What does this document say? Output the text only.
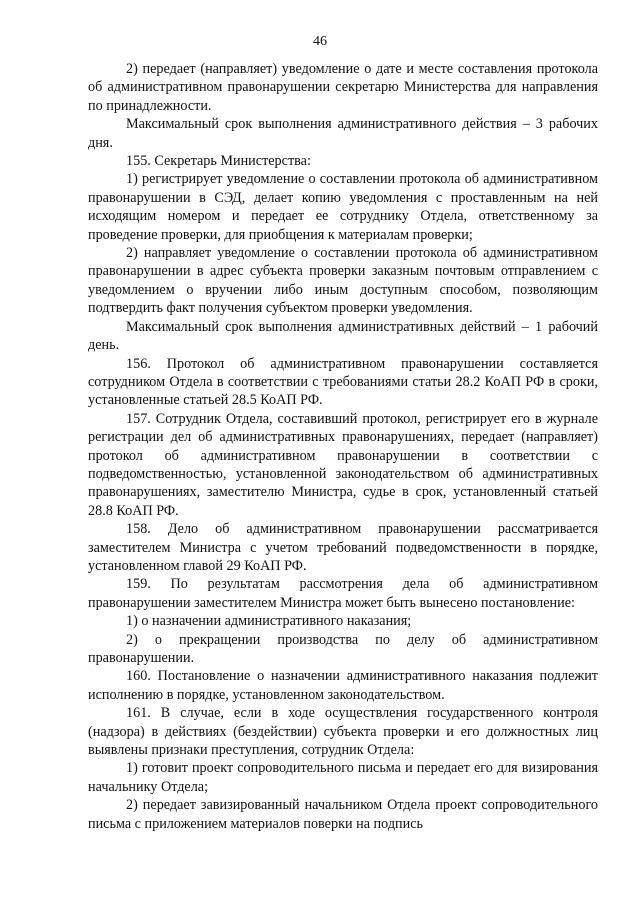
46

2) передает (направляет) уведомление о дате и месте составления протокола об административном правонарушении секретарю Министерства для направления по принадлежности.

Максимальный срок выполнения административного действия – 3 рабочих дня.

155. Секретарь Министерства:

1) регистрирует уведомление о составлении протокола об административном правонарушении в СЭД, делает копию уведомления с проставленным на ней исходящим номером и передает ее сотруднику Отдела, ответственному за проведение проверки, для приобщения к материалам проверки;

2) направляет уведомление о составлении протокола об административном правонарушении в адрес субъекта проверки заказным почтовым отправлением с уведомлением о вручении либо иным доступным способом, позволяющим подтвердить факт получения субъектом проверки уведомления.

Максимальный срок выполнения административных действий – 1 рабочий день.

156. Протокол об административном правонарушении составляется сотрудником Отдела в соответствии с требованиями статьи 28.2 КоАП РФ в сроки, установленные статьей 28.5 КоАП РФ.

157. Сотрудник Отдела, составивший протокол, регистрирует его в журнале регистрации дел об административных правонарушениях, передает (направляет) протокол об административном правонарушении в соответствии с подведомственностью, установленной законодательством об административных правонарушениях, заместителю Министра, судье в срок, установленный статьей 28.8 КоАП РФ.

158. Дело об административном правонарушении рассматривается заместителем Министра с учетом требований подведомственности в порядке, установленном главой 29 КоАП РФ.

159. По результатам рассмотрения дела об административном правонарушении заместителем Министра может быть вынесено постановление:

1) о назначении административного наказания;

2) о прекращении производства по делу об административном правонарушении.

160. Постановление о назначении административного наказания подлежит исполнению в порядке, установленном законодательством.

161. В случае, если в ходе осуществления государственного контроля (надзора) в действиях (бездействии) субъекта проверки и его должностных лиц выявлены признаки преступления, сотрудник Отдела:

1) готовит проект сопроводительного письма и передает его для визирования начальнику Отдела;

2) передает завизированный начальником Отдела проект сопроводительного письма с приложением материалов поверки на подпись
